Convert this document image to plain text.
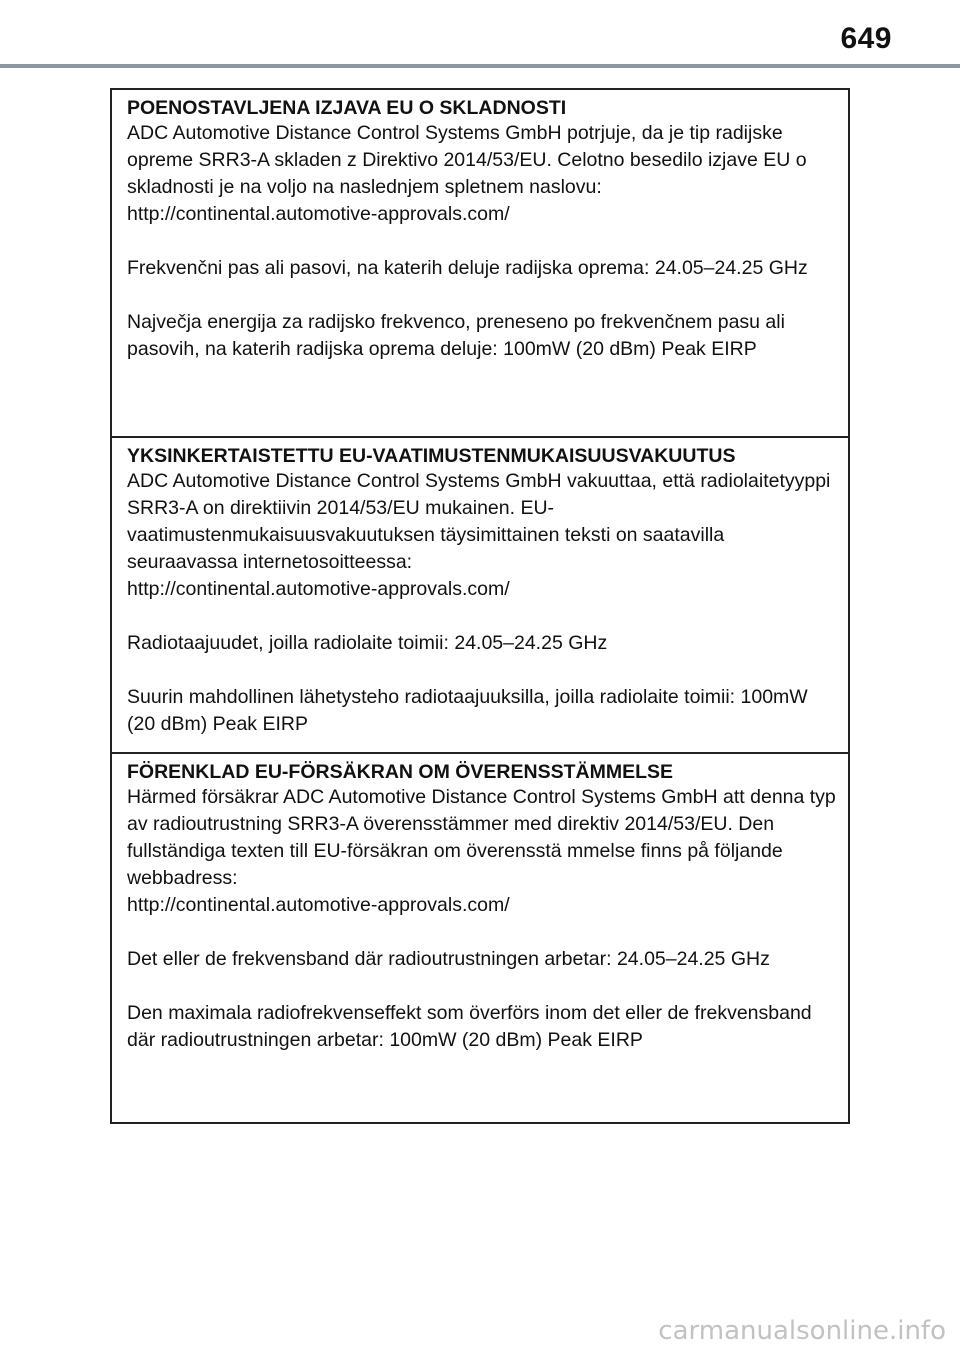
649
POENOSTAVLJENA IZJAVA EU O SKLADNOSTI

ADC Automotive Distance Control Systems GmbH potrjuje, da je tip radijske opreme SRR3-A skladen z Direktivo 2014/53/EU. Celotno besedilo izjave EU o skladnosti je na voljo na naslednjem spletnem naslovu:
http://continental.automotive-approvals.com/

Frekvenčni pas ali pasovi, na katerih deluje radijska oprema: 24.05–24.25 GHz

Največja energija za radijsko frekvenco, preneseno po frekvenčnem pasu ali pasovih, na katerih radijska oprema deluje: 100mW (20 dBm) Peak EIRP

YKSINKERTAISTETTU EU-VAATIMUSTENMUKAISUUSVAKUUTUS

ADC Automotive Distance Control Systems GmbH vakuuttaa, että radiolaitetyyppi SRR3-A on direktiivin 2014/53/EU mukainen. EU-vaatimustenmukaisuusvakuutuksen täysimittainen teksti on saatavilla seuraavassa internetosoitteessa:
http://continental.automotive-approvals.com/

Radiotaajuudet, joilla radiolaite toimii: 24.05–24.25 GHz

Suurin mahdollinen lähetysteho radiotaajuuksilla, joilla radiolaite toimii: 100mW (20 dBm) Peak EIRP

FÖRENKLAD EU-FÖRSÄKRAN OM ÖVERENSSTÄMMELSE

Härmed försäkrar ADC Automotive Distance Control Systems GmbH att denna typ av radioutrustning SRR3-A överensstämmer med direktiv 2014/53/EU. Den fullständiga texten till EU-försäkran om överensstä mmelse finns på följande webbadress:
http://continental.automotive-approvals.com/

Det eller de frekvensband där radioutrustningen arbetar: 24.05–24.25 GHz

Den maximala radiofrekvenseffekt som överförs inom det eller de frekvensband där radioutrustningen arbetar: 100mW (20 dBm) Peak EIRP

carmanualsonline.info
